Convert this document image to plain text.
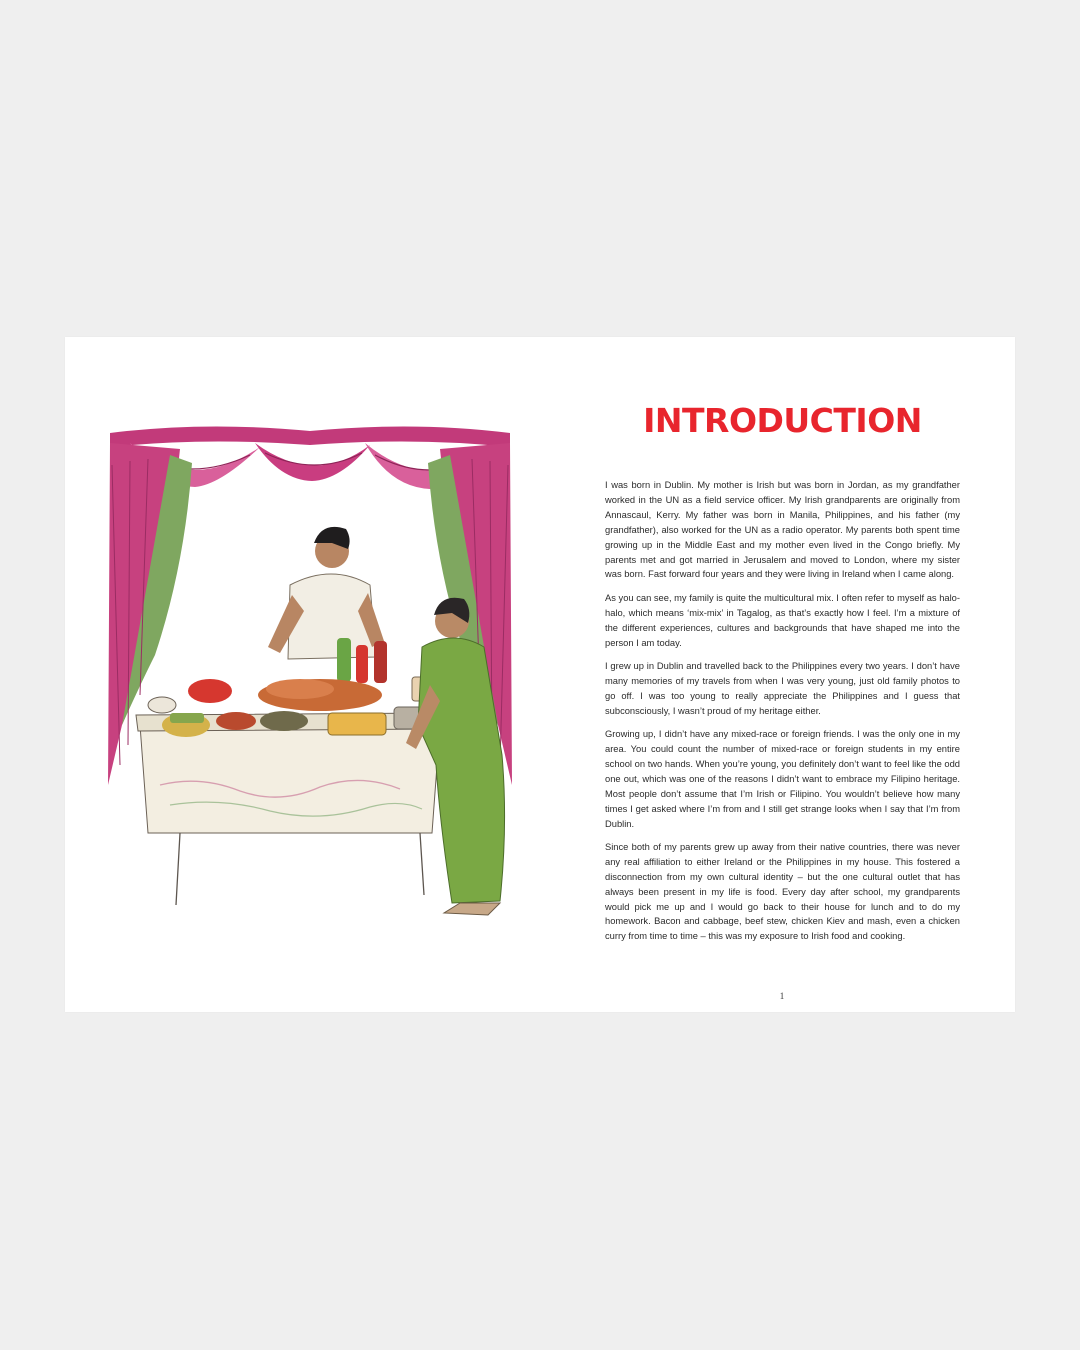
INTRODUCTION

I was born in Dublin. My mother is Irish but was born in Jordan, as my grandfather worked in the UN as a field service officer. My Irish grandparents are originally from Annascaul, Kerry. My father was born in Manila, Philippines, and his father (my grandfather), also worked for the UN as a radio operator. My parents both spent time growing up in the Middle East and my mother even lived in the Congo briefly. My parents met and got married in Jerusalem and moved to London, where my sister was born. Fast forward four years and they were living in Ireland when I came along.

As you can see, my family is quite the multicultural mix. I often refer to myself as halo-halo, which means ‘mix-mix’ in Tagalog, as that’s exactly how I feel. I’m a mixture of the different experiences, cultures and backgrounds that have shaped me into the person I am today.

I grew up in Dublin and travelled back to the Philippines every two years. I don’t have many memories of my travels from when I was very young, just old family photos to go off. I was too young to really appreciate the Philippines and I guess that subconsciously, I wasn’t proud of my heritage either.

Growing up, I didn’t have any mixed-race or foreign friends. I was the only one in my area. You could count the number of mixed-race or foreign students in my entire school on two hands. When you’re young, you definitely don’t want to feel like the odd one out, which was one of the reasons I didn’t want to embrace my Filipino heritage. Most people don’t assume that I’m Irish or Filipino. You wouldn’t believe how many times I get asked where I’m from and I still get strange looks when I say that I’m from Dublin.

Since both of my parents grew up away from their native countries, there was never any real affiliation to either Ireland or the Philippines in my house. This fostered a disconnection from my own cultural identity – but the one cultural outlet that has always been present in my life is food. Every day after school, my grandparents would pick me up and I would go back to their house for lunch and to do my homework. Bacon and cabbage, beef stew, chicken Kiev and mash, even a chicken curry from time to time – this was my exposure to Irish food and cooking.

1
